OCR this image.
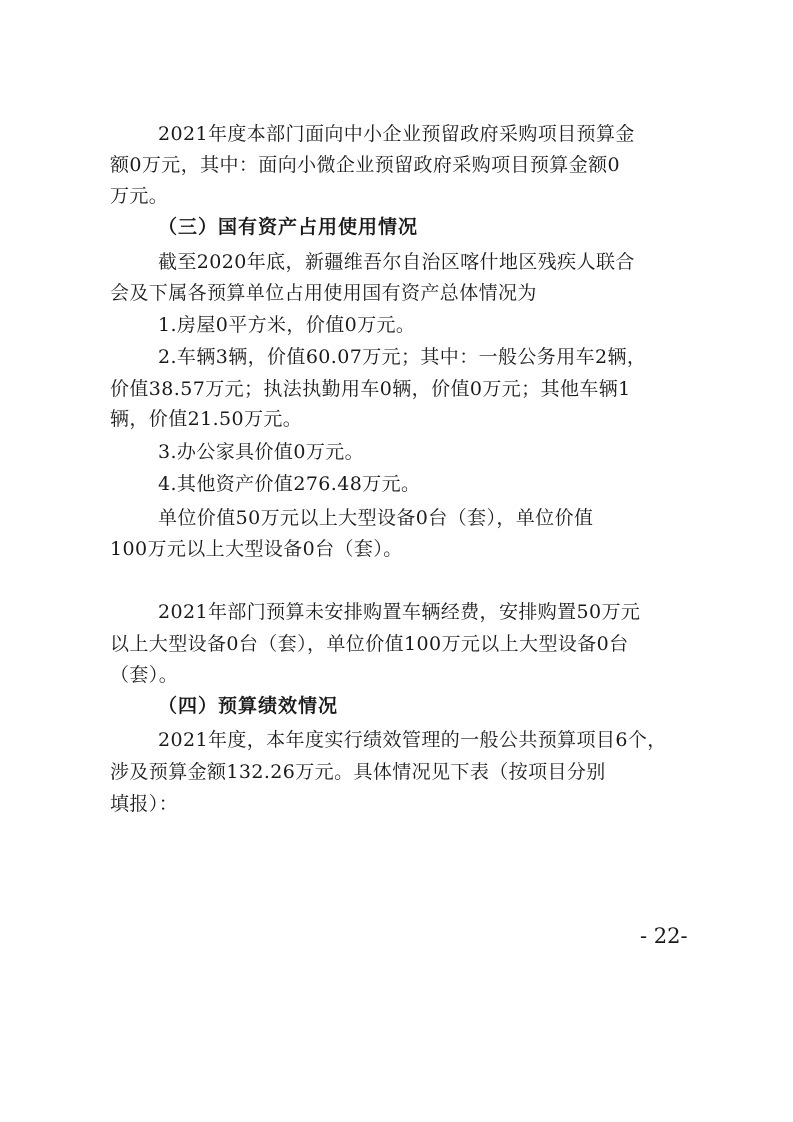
2021年度本部门面向中小企业预留政府采购项目预算金
额0万元，其中：面向小微企业预留政府采购项目预算金额0
万元。
（三）国有资产占用使用情况
截至2020年底，新疆维吾尔自治区喀什地区残疾人联合
会及下属各预算单位占用使用国有资产总体情况为
1.房屋0平方米，价值0万元。
2.车辆3辆，价值60.07万元；其中：一般公务用车2辆，
价值38.57万元；执法执勤用车0辆，价值0万元；其他车辆1
辆，价值21.50万元。
3.办公家具价值0万元。
4.其他资产价值276.48万元。
单位价值50万元以上大型设备0台（套），单位价值
100万元以上大型设备0台（套）。
2021年部门预算未安排购置车辆经费，安排购置50万元
以上大型设备0台（套），单位价值100万元以上大型设备0台
（套）。
（四）预算绩效情况
2021年度，本年度实行绩效管理的一般公共预算项目6个，
涉及预算金额132.26万元。具体情况见下表（按项目分别
填报）：
- 22-
